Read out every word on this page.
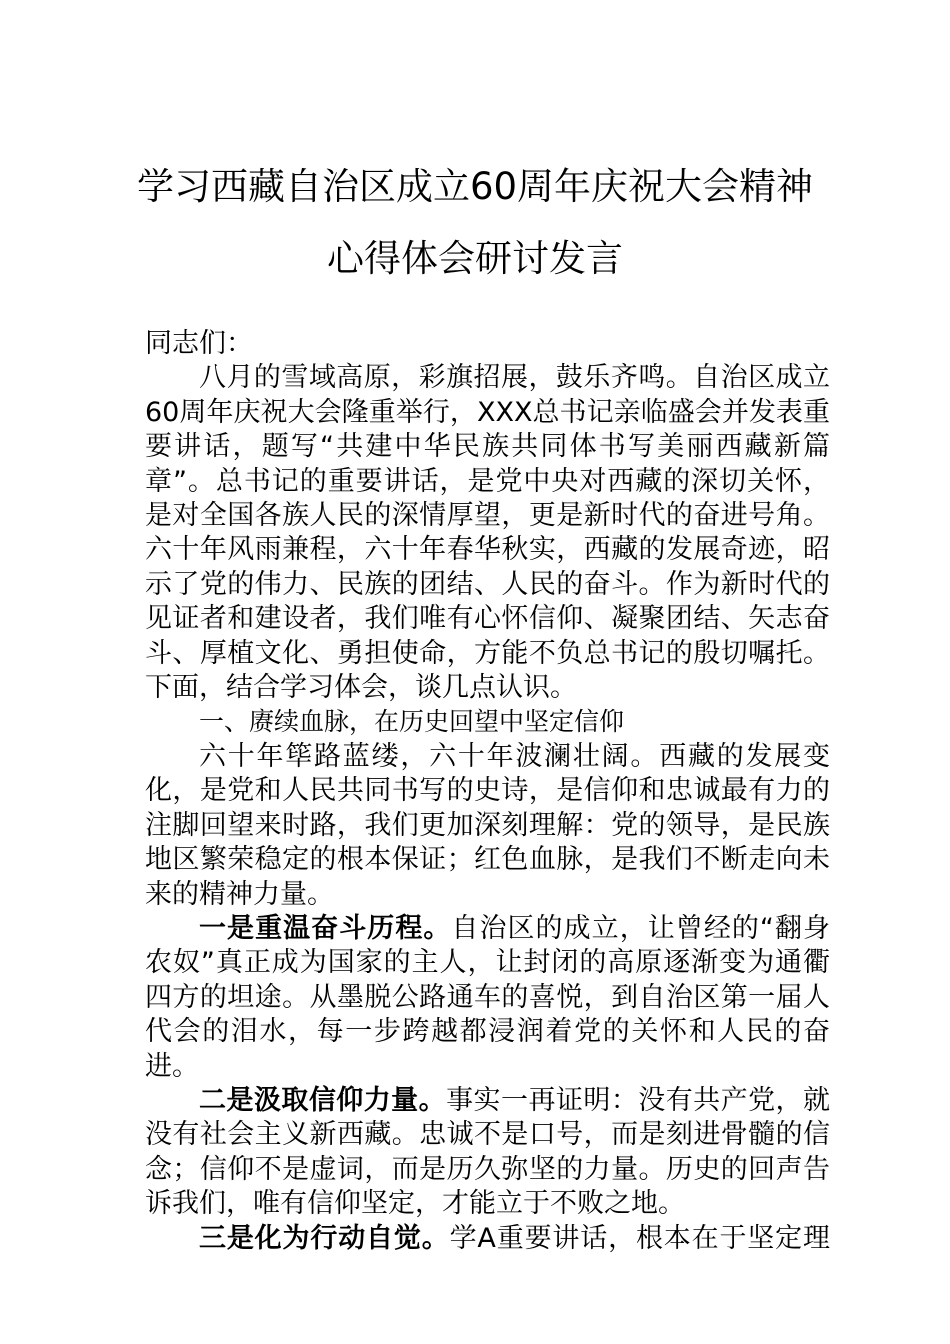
学习西藏自治区成立60周年庆祝大会精神
心得体会研讨发言

同志们：

八月的雪域高原，彩旗招展，鼓乐齐鸣。自治区成立60周年庆祝大会隆重举行，XXX总书记亲临盛会并发表重要讲话，题写“共建中华民族共同体书写美丽西藏新篇章”。总书记的重要讲话，是党中央对西藏的深切关怀，是对全国各族人民的深情厚望，更是新时代的奋进号角。六十年风雨兼程，六十年春华秋实，西藏的发展奇迹，昭示了党的伟力、民族的团结、人民的奋斗。作为新时代的见证者和建设者，我们唯有心怀信仰、凝聚团结、矢志奋斗、厚植文化、勇担使命，方能不负总书记的殷切嘱托。下面，结合学习体会，谈几点认识。

一、赓续血脉，在历史回望中坚定信仰

六十年筚路蓝缕，六十年波澜壮阔。西藏的发展变化，是党和人民共同书写的史诗，是信仰和忠诚最有力的注脚回望来时路，我们更加深刻理解：党的领导，是民族地区繁荣稳定的根本保证；红色血脉，是我们不断走向未来的精神力量。

一是重温奋斗历程。自治区的成立，让曾经的“翻身农奴”真正成为国家的主人，让封闭的高原逐渐变为通衢四方的坦途。从墨脱公路通车的喜悦，到自治区第一届人代会的泪水，每一步跨越都浸润着党的关怀和人民的奋进。

二是汲取信仰力量。事实一再证明：没有共产党，就没有社会主义新西藏。忠诚不是口号，而是刻进骨髓的信念；信仰不是虚词，而是历久弥坚的力量。历史的回声告诉我们，唯有信仰坚定，才能立于不败之地。

三是化为行动自觉。学A重要讲话，根本在于坚定理
